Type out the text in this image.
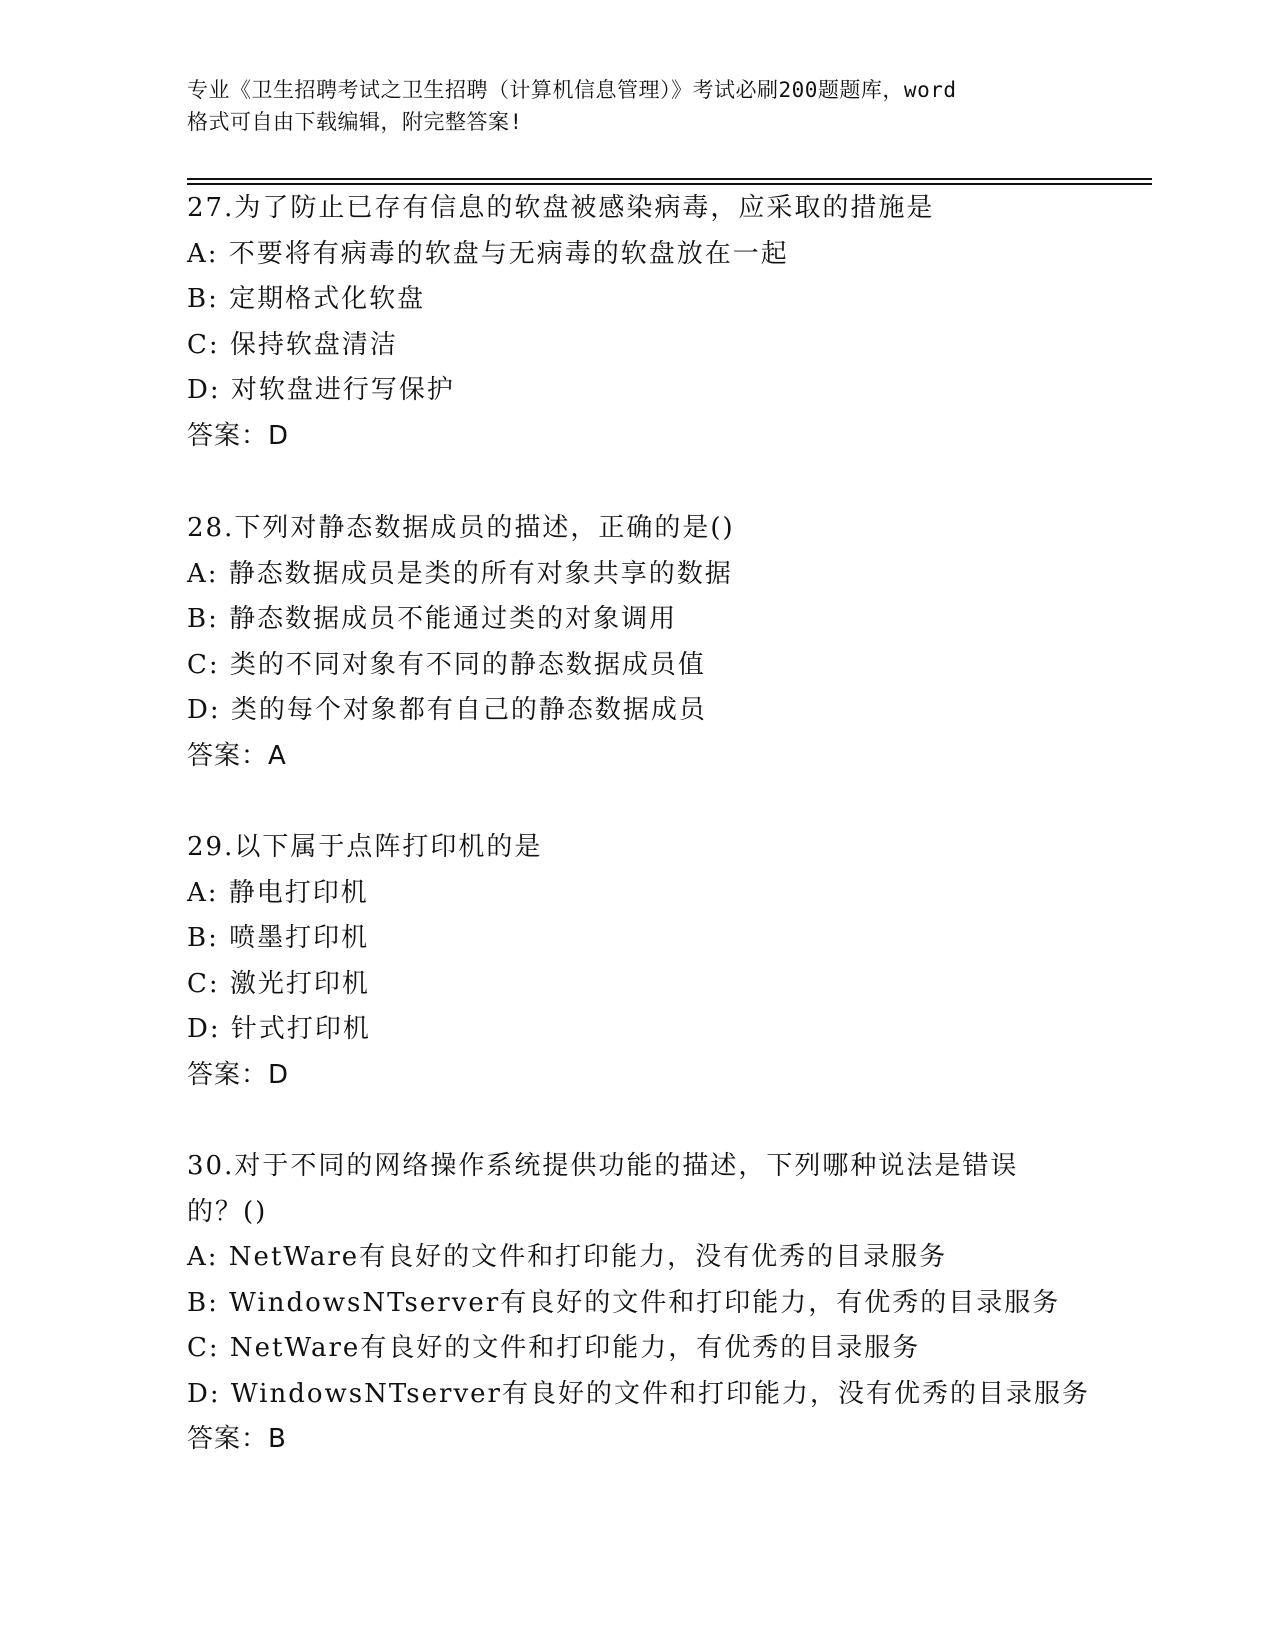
专业《卫生招聘考试之卫生招聘（计算机信息管理）》考试必刷200题题库，word
格式可自由下载编辑，附完整答案!
27.为了防止已存有信息的软盘被感染病毒，应采取的措施是
A: 不要将有病毒的软盘与无病毒的软盘放在一起
B: 定期格式化软盘
C: 保持软盘清洁
D: 对软盘进行写保护
答案：D
28.下列对静态数据成员的描述，正确的是()
A: 静态数据成员是类的所有对象共享的数据
B: 静态数据成员不能通过类的对象调用
C: 类的不同对象有不同的静态数据成员值
D: 类的每个对象都有自己的静态数据成员
答案：A
29.以下属于点阵打印机的是
A: 静电打印机
B: 喷墨打印机
C: 激光打印机
D: 针式打印机
答案：D
30.对于不同的网络操作系统提供功能的描述，下列哪种说法是错误的？()
A: NetWare有良好的文件和打印能力，没有优秀的目录服务
B: WindowsNTserver有良好的文件和打印能力，有优秀的目录服务
C: NetWare有良好的文件和打印能力，有优秀的目录服务
D: WindowsNTserver有良好的文件和打印能力，没有优秀的目录服务
答案：B
